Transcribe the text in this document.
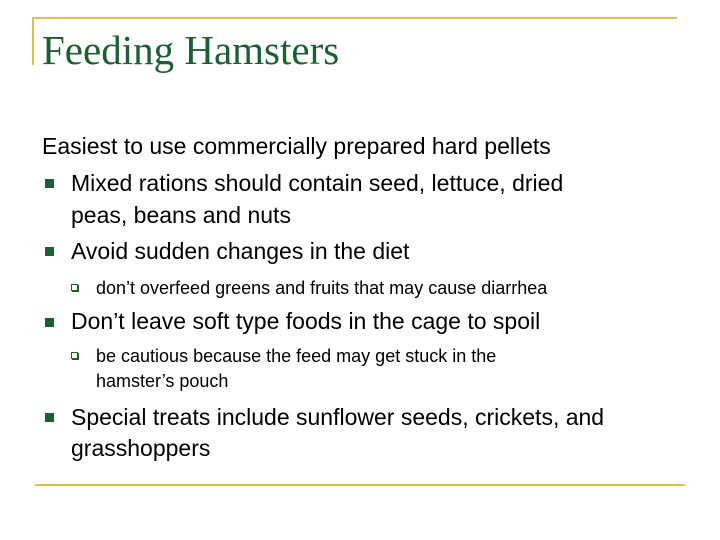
Feeding Hamsters
Easiest to use commercially prepared hard pellets
Mixed rations should contain seed, lettuce, dried
peas, beans and nuts
Avoid sudden changes in the diet
don’t overfeed greens and fruits that may cause diarrhea
Don’t leave soft type foods in the cage to spoil
be cautious because the feed may get stuck in the
hamster’s pouch
Special treats include sunflower seeds, crickets, and
grasshoppers
